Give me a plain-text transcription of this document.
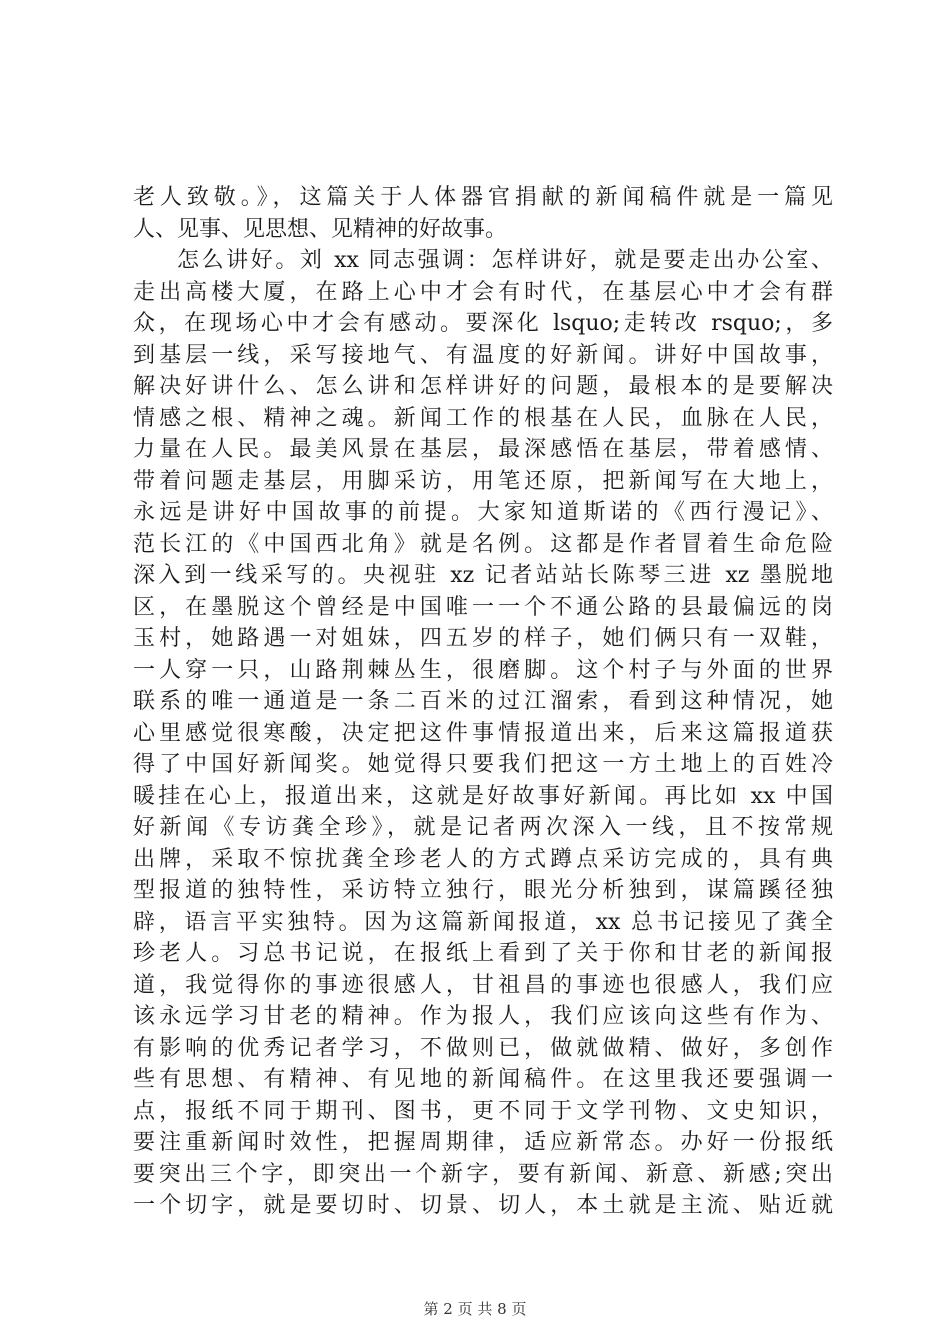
老人致敬。》，这篇关于人体器官捐献的新闻稿件就是一篇见
人、见事、见思想、见精神的好故事。
怎么讲好。刘 xx 同志强调：怎样讲好，就是要走出办公室、
走出高楼大厦，在路上心中才会有时代，在基层心中才会有群
众，在现场心中才会有感动。要深化 lsquo;走转改 rsquo;，多
到基层一线，采写接地气、有温度的好新闻。讲好中国故事，
解决好讲什么、怎么讲和怎样讲好的问题，最根本的是要解决
情感之根、精神之魂。新闻工作的根基在人民，血脉在人民，
力量在人民。最美风景在基层，最深感悟在基层，带着感情、
带着问题走基层，用脚采访，用笔还原，把新闻写在大地上，
永远是讲好中国故事的前提。大家知道斯诺的《西行漫记》、
范长江的《中国西北角》就是名例。这都是作者冒着生命危险
深入到一线采写的。央视驻 xz 记者站站长陈琴三进 xz 墨脱地
区，在墨脱这个曾经是中国唯一一个不通公路的县最偏远的岗
玉村，她路遇一对姐妹，四五岁的样子，她们俩只有一双鞋，
一人穿一只，山路荆棘丛生，很磨脚。这个村子与外面的世界
联系的唯一通道是一条二百米的过江溜索，看到这种情况，她
心里感觉很寒酸，决定把这件事情报道出来，后来这篇报道获
得了中国好新闻奖。她觉得只要我们把这一方土地上的百姓冷
暖挂在心上，报道出来，这就是好故事好新闻。再比如 xx 中国
好新闻《专访龚全珍》，就是记者两次深入一线，且不按常规
出牌，采取不惊扰龚全珍老人的方式蹲点采访完成的，具有典
型报道的独特性，采访特立独行，眼光分析独到，谋篇蹊径独
辟，语言平实独特。因为这篇新闻报道，xx 总书记接见了龚全
珍老人。习总书记说，在报纸上看到了关于你和甘老的新闻报
道，我觉得你的事迹很感人，甘祖昌的事迹也很感人，我们应
该永远学习甘老的精神。作为报人，我们应该向这些有作为、
有影响的优秀记者学习，不做则已，做就做精、做好，多创作
些有思想、有精神、有见地的新闻稿件。在这里我还要强调一
点，报纸不同于期刊、图书，更不同于文学刊物、文史知识，
要注重新闻时效性，把握周期律，适应新常态。办好一份报纸
要突出三个字，即突出一个新字，要有新闻、新意、新感;突出
一个切字，就是要切时、切景、切人，本土就是主流、贴近就
第 2 页 共 8 页
